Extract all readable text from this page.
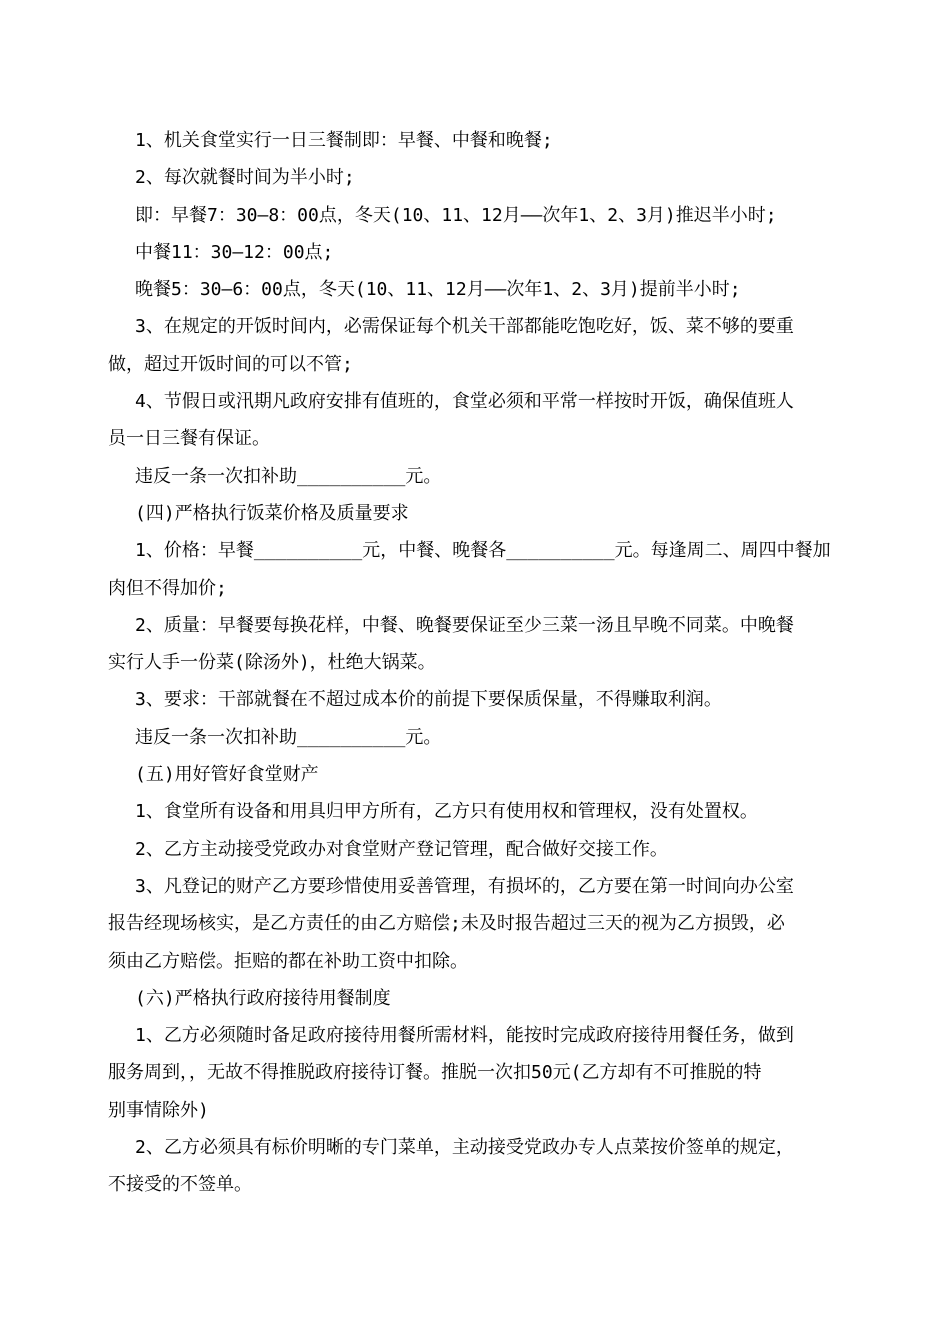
1、机关食堂实行一日三餐制即：早餐、中餐和晚餐;
2、每次就餐时间为半小时;
即：早餐7：30—8：00点，冬天(10、11、12月——次年1、2、3月)推迟半小时;
中餐11：30—12：00点;
晚餐5：30—6：00点，冬天(10、11、12月——次年1、2、3月)提前半小时;
3、在规定的开饭时间内，必需保证每个机关干部都能吃饱吃好，饭、菜不够的要重
做，超过开饭时间的可以不管;
4、节假日或汛期凡政府安排有值班的，食堂必须和平常一样按时开饭，确保值班人
员一日三餐有保证。
违反一条一次扣补助__________元。
(四)严格执行饭菜价格及质量要求
1、价格：早餐__________元，中餐、晚餐各__________元。每逢周二、周四中餐加
肉但不得加价;
2、质量：早餐要每换花样，中餐、晚餐要保证至少三菜一汤且早晚不同菜。中晚餐
实行人手一份菜(除汤外)，杜绝大锅菜。
3、要求：干部就餐在不超过成本价的前提下要保质保量，不得赚取利润。
违反一条一次扣补助__________元。
(五)用好管好食堂财产
1、食堂所有设备和用具归甲方所有，乙方只有使用权和管理权，没有处置权。
2、乙方主动接受党政办对食堂财产登记管理，配合做好交接工作。
3、凡登记的财产乙方要珍惜使用妥善管理，有损坏的，乙方要在第一时间向办公室
报告经现场核实，是乙方责任的由乙方赔偿;未及时报告超过三天的视为乙方损毁，必
须由乙方赔偿。拒赔的都在补助工资中扣除。
(六)严格执行政府接待用餐制度
1、乙方必须随时备足政府接待用餐所需材料，能按时完成政府接待用餐任务，做到
服务周到，，无故不得推脱政府接待订餐。推脱一次扣50元(乙方却有不可推脱的特
别事情除外)
2、乙方必须具有标价明晰的专门菜单，主动接受党政办专人点菜按价签单的规定，
不接受的不签单。
